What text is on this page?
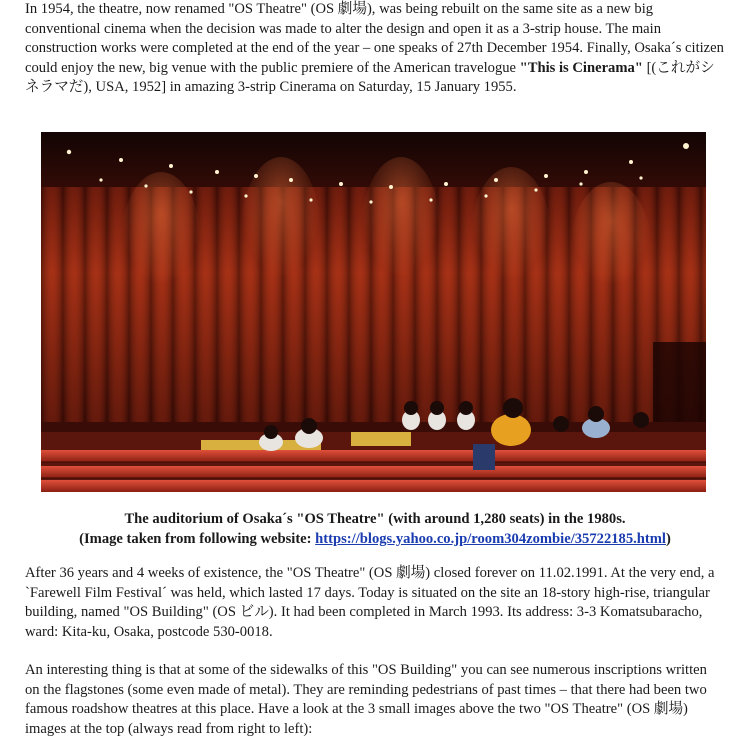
In 1954, the theatre, now renamed "OS Theatre" (OS 劇場), was being rebuilt on the same site as a new big conventional cinema when the decision was made to alter the design and open it as a 3-strip house. The main construction works were completed at the end of the year – one speaks of 27th December 1954. Finally, Osaka´s citizen could enjoy the new, big venue with the public premiere of the American travelogue "This is Cinerama" [(これがシネラマだ), USA, 1952] in amazing 3-strip Cinerama on Saturday, 15 January 1955.

The auditorium of Osaka´s "OS Theatre" (with around 1,280 seats) in the 1980s.
(Image taken from following website: https://blogs.yahoo.co.jp/room304zombie/35722185.html)

After 36 years and 4 weeks of existence, the "OS Theatre" (OS 劇場) closed forever on 11.02.1991. At the very end, a `Farewell Film Festival´ was held, which lasted 17 days. Today is situated on the site an 18-story high-rise, triangular building, named "OS Building" (OS ビル). It had been completed in March 1993. Its address: 3-3 Komatsubaracho, ward: Kita-ku, Osaka, postcode 530-0018.

An interesting thing is that at some of the sidewalks of this "OS Building" you can see numerous inscriptions written on the flagstones (some even made of metal). They are reminding pedestrians of past times – that there had been two famous roadshow theatres at this place. Have a look at the 3 small images above the two "OS Theatre" (OS 劇場) images at the top (always read from right to left):
